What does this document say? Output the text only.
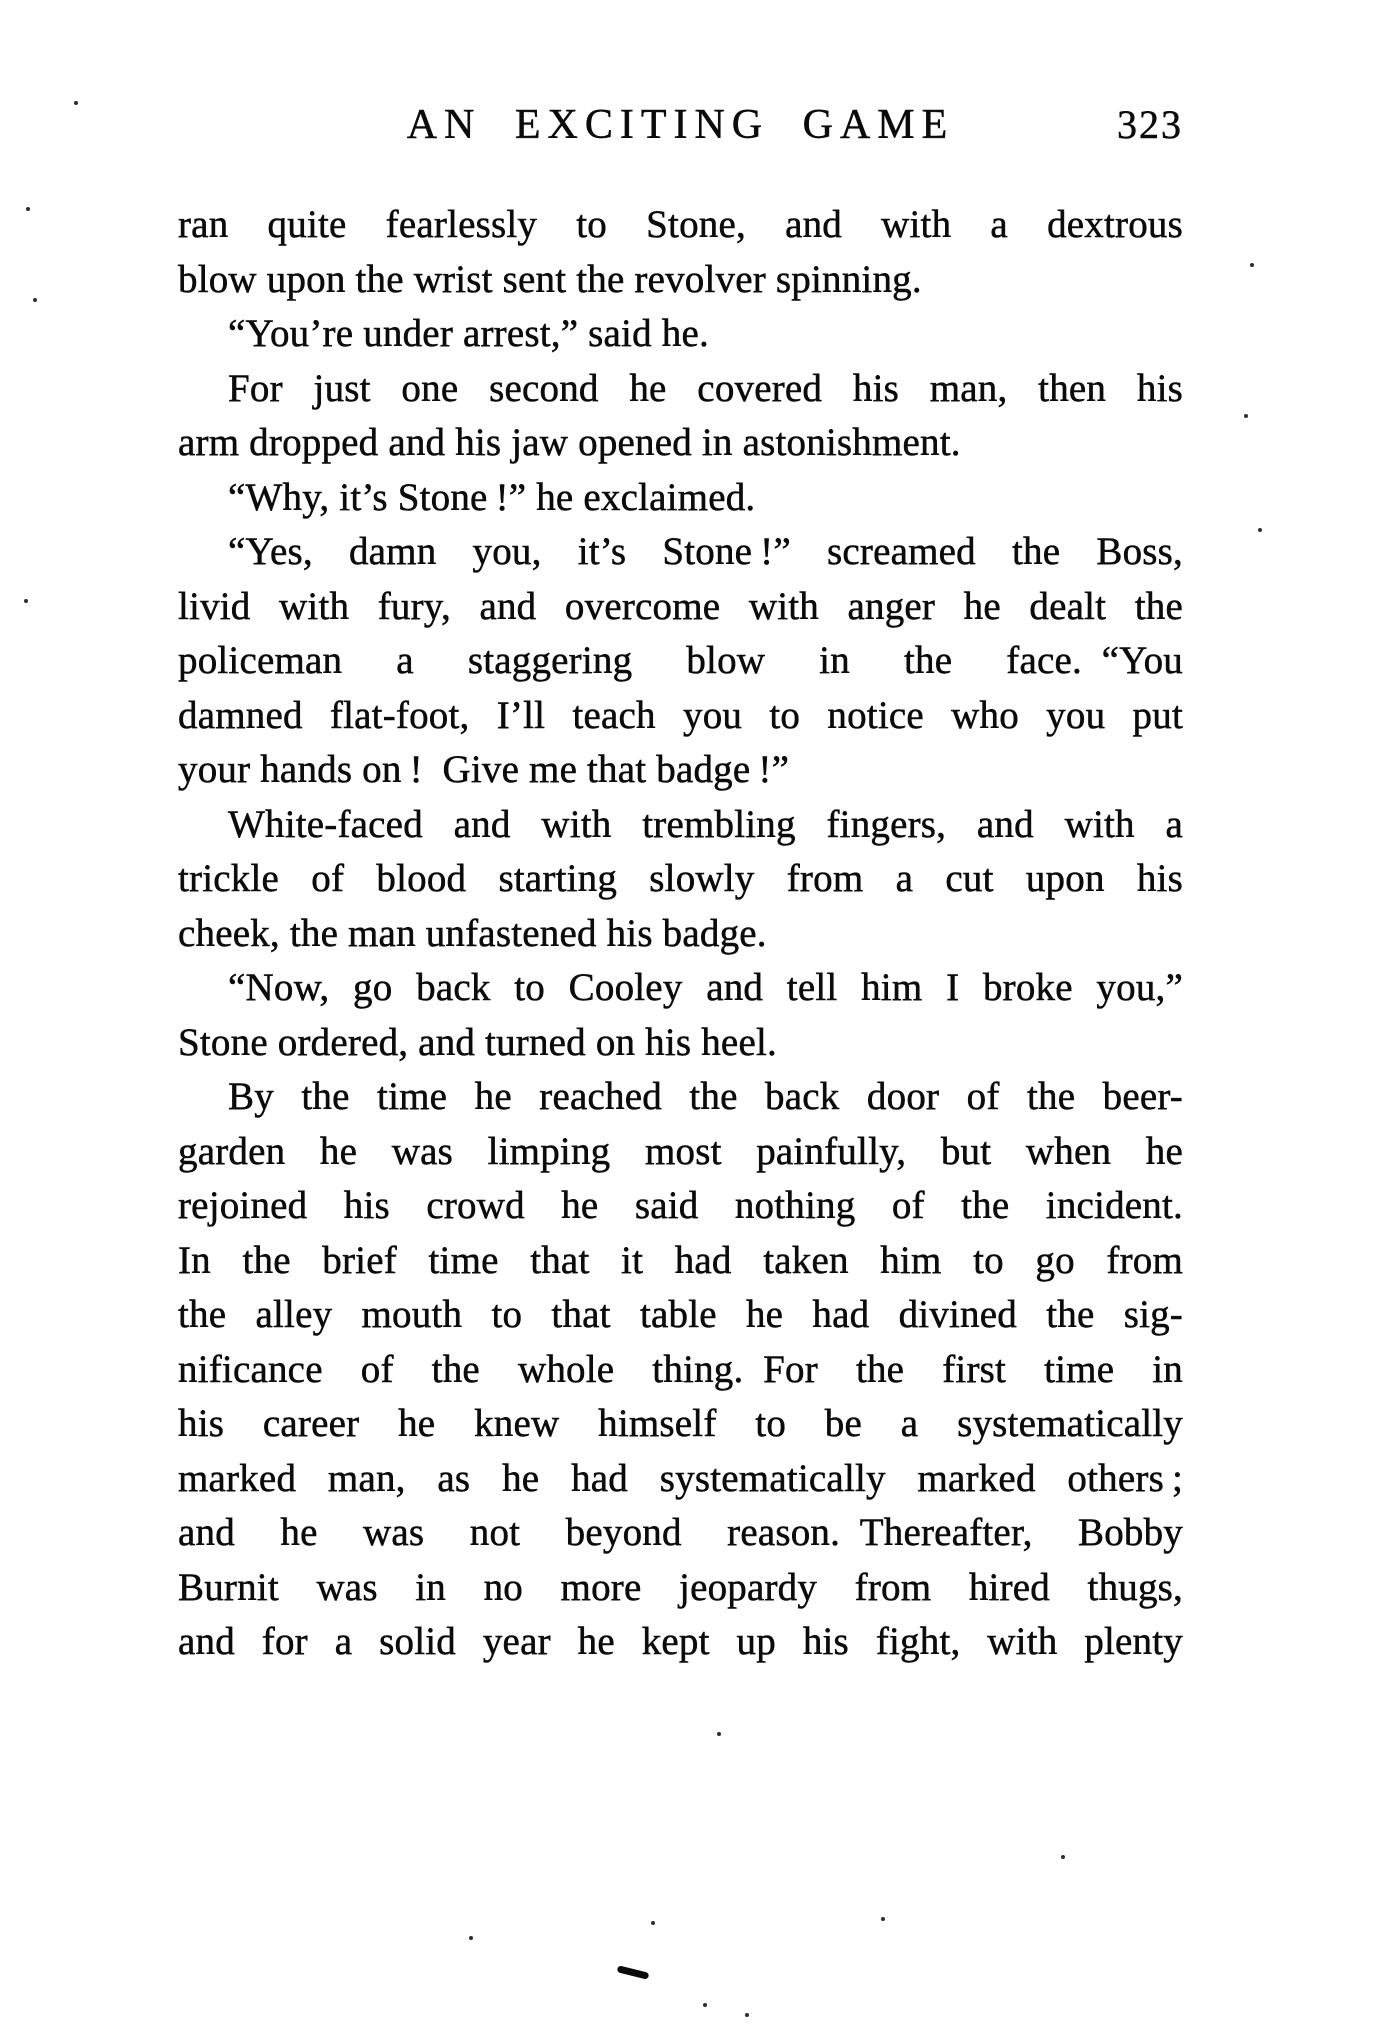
AN EXCITING GAME	323
ran quite fearlessly to Stone, and with a dextrous
blow upon the wrist sent the revolver spinning.
“You’re under arrest,” said he.
For just one second he covered his man, then his
arm dropped and his jaw opened in astonishment.
“Why, it’s Stone !” he exclaimed.
“Yes, damn you, it’s Stone !” screamed the Boss,
livid with fury, and overcome with anger he dealt the
policeman a staggering blow in the face. “You
damned flat-foot, I’ll teach you to notice who you put
your hands on ! Give me that badge !”
White-faced and with trembling fingers, and with a
trickle of blood starting slowly from a cut upon his
cheek, the man unfastened his badge.
“Now, go back to Cooley and tell him I broke you,”
Stone ordered, and turned on his heel.
By the time he reached the back door of the beer-
garden he was limping most painfully, but when he
rejoined his crowd he said nothing of the incident.
In the brief time that it had taken him to go from
the alley mouth to that table he had divined the sig-
nificance of the whole thing. For the first time in
his career he knew himself to be a systematically
marked man, as he had systematically marked others ;
and he was not beyond reason. Thereafter, Bobby
Burnit was in no more jeopardy from hired thugs,
and for a solid year he kept up his fight, with plenty
